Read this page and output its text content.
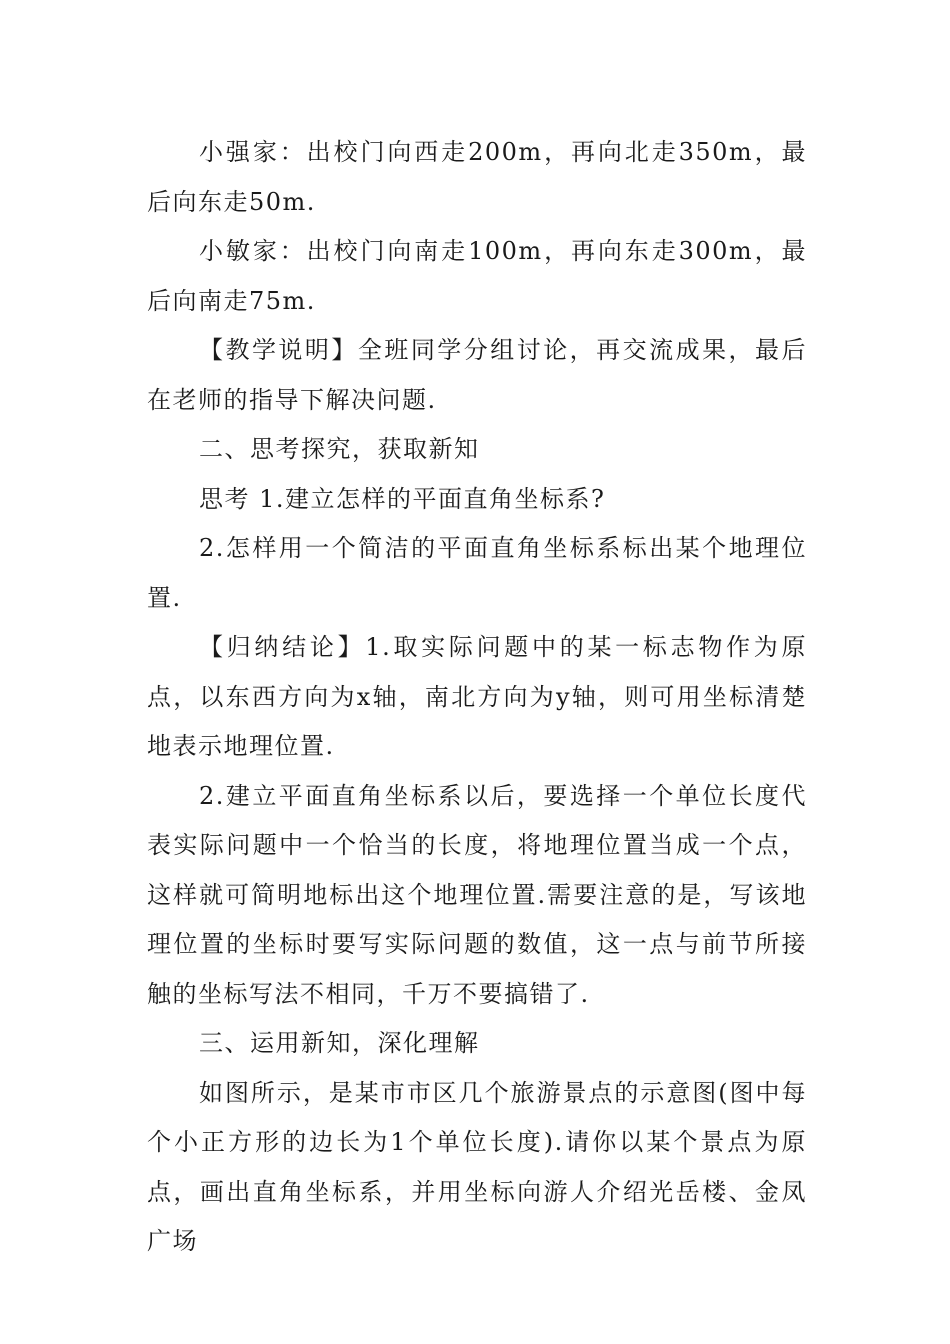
小强家：出校门向西走200m，再向北走350m，最后向东走50m.

小敏家：出校门向南走100m，再向东走300m，最后向南走75m.

【教学说明】全班同学分组讨论，再交流成果，最后在老师的指导下解决问题.

二、思考探究，获取新知

思考 1.建立怎样的平面直角坐标系?

2.怎样用一个简洁的平面直角坐标系标出某个地理位置.

【归纳结论】1.取实际问题中的某一标志物作为原点，以东西方向为x轴，南北方向为y轴，则可用坐标清楚地表示地理位置.

2.建立平面直角坐标系以后，要选择一个单位长度代表实际问题中一个恰当的长度，将地理位置当成一个点，这样就可简明地标出这个地理位置.需要注意的是，写该地理位置的坐标时要写实际问题的数值，这一点与前节所接触的坐标写法不相同，千万不要搞错了.

三、运用新知，深化理解

如图所示，是某市市区几个旅游景点的示意图(图中每个小正方形的边长为1个单位长度).请你以某个景点为原点，画出直角坐标系，并用坐标向游人介绍光岳楼、金凤广场
